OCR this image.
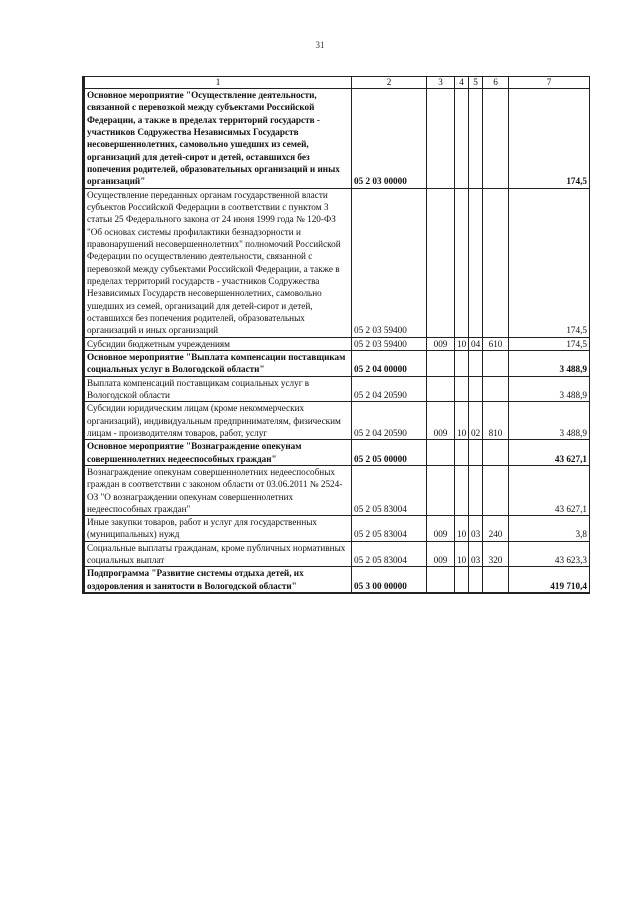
31
1	2	3	4	5	6	7
Основное мероприятие "Осуществление деятельности, связанной с перевозкой между субъектами Российской Федерации, а также в пределах территорий государств - участников Содружества Независимых Государств несовершеннолетних, самовольно ушедших из семей, организаций для детей-сирот и детей, оставшихся без попечения родителей, образовательных организаций и иных организаций"	05 2 03 00000					174,5
Осуществление переданных органам государственной власти субъектов Российской Федерации в соответствии с пунктом 3 статьи 25 Федерального закона от 24 июня 1999 года № 120-ФЗ "Об основах системы профилактики безнадзорности и правонарушений несовершеннолетних" полномочий Российской Федерации по осуществлению деятельности, связанной с перевозкой между субъектами Российской Федерации, а также в пределах территорий государств - участников Содружества Независимых Государств несовершеннолетних, самовольно ушедших из семей, организаций для детей-сирот и детей, оставшихся без попечения родителей, образовательных организаций и иных организаций	05 2 03 59400					174,5
Субсидии бюджетным учреждениям	05 2 03 59400	009	10	04	610	174,5
Основное мероприятие "Выплата компенсации поставщикам социальных услуг в Вологодской области"	05 2 04 00000					3 488,9
Выплата компенсаций поставщикам социальных услуг в Вологодской области	05 2 04 20590					3 488,9
Субсидии юридическим лицам (кроме некоммерческих организаций), индивидуальным предпринимателям, физическим лицам - производителям товаров, работ, услуг	05 2 04 20590	009	10	02	810	3 488,9
Основное мероприятие "Вознаграждение опекунам совершеннолетних недееспособных граждан"	05 2 05 00000					43 627,1
Вознаграждение опекунам совершеннолетних недееспособных граждан в соответствии с законом области от 03.06.2011 № 2524-ОЗ "О вознаграждении опекунам совершеннолетних недееспособных граждан"	05 2 05 83004					43 627,1
Иные закупки товаров, работ и услуг для государственных (муниципальных) нужд	05 2 05 83004	009	10	03	240	3,8
Социальные выплаты гражданам, кроме публичных нормативных социальных выплат	05 2 05 83004	009	10	03	320	43 623,3
Подпрограмма "Развитие системы отдыха детей, их оздоровления и занятости в Вологодской области"	05 3 00 00000					419 710,4
